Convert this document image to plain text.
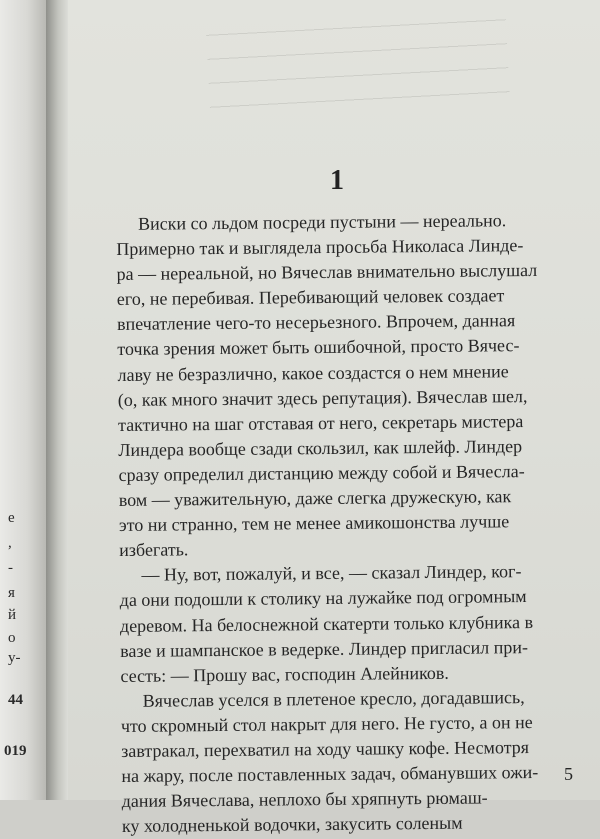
е
,
-
я
й
о
у-
44
019
1
Виски со льдом посреди пустыни — нереально.
Примерно так и выглядела просьба Николаса Линде-
ра — нереальной, но Вячеслав внимательно выслушал
его, не перебивая. Перебивающий человек создает
впечатление чего-то несерьезного. Впрочем, данная
точка зрения может быть ошибочной, просто Вячес-
лаву не безразлично, какое создастся о нем мнение
(о, как много значит здесь репутация). Вячеслав шел,
тактично на шаг отставая от него, секретарь мистера
Линдера вообще сзади скользил, как шлейф. Линдер
сразу определил дистанцию между собой и Вячесла-
вом — уважительную, даже слегка дружескую, как
это ни странно, тем не менее амикошонства лучше
избегать.
— Ну, вот, пожалуй, и все, — сказал Линдер, ког-
да они подошли к столику на лужайке под огромным
деревом. На белоснежной скатерти только клубника в
вазе и шампанское в ведерке. Линдер пригласил при-
сесть: — Прошу вас, господин Алейников.
Вячеслав уселся в плетеное кресло, догадавшись,
что скромный стол накрыт для него. Не густо, а он не
завтракал, перехватил на ходу чашку кофе. Несмотря
на жару, после поставленных задач, обманувших ожи-
дания Вячеслава, неплохо бы хряпнуть рюмаш-
ку холодненькой водочки, закусить соленым
5
